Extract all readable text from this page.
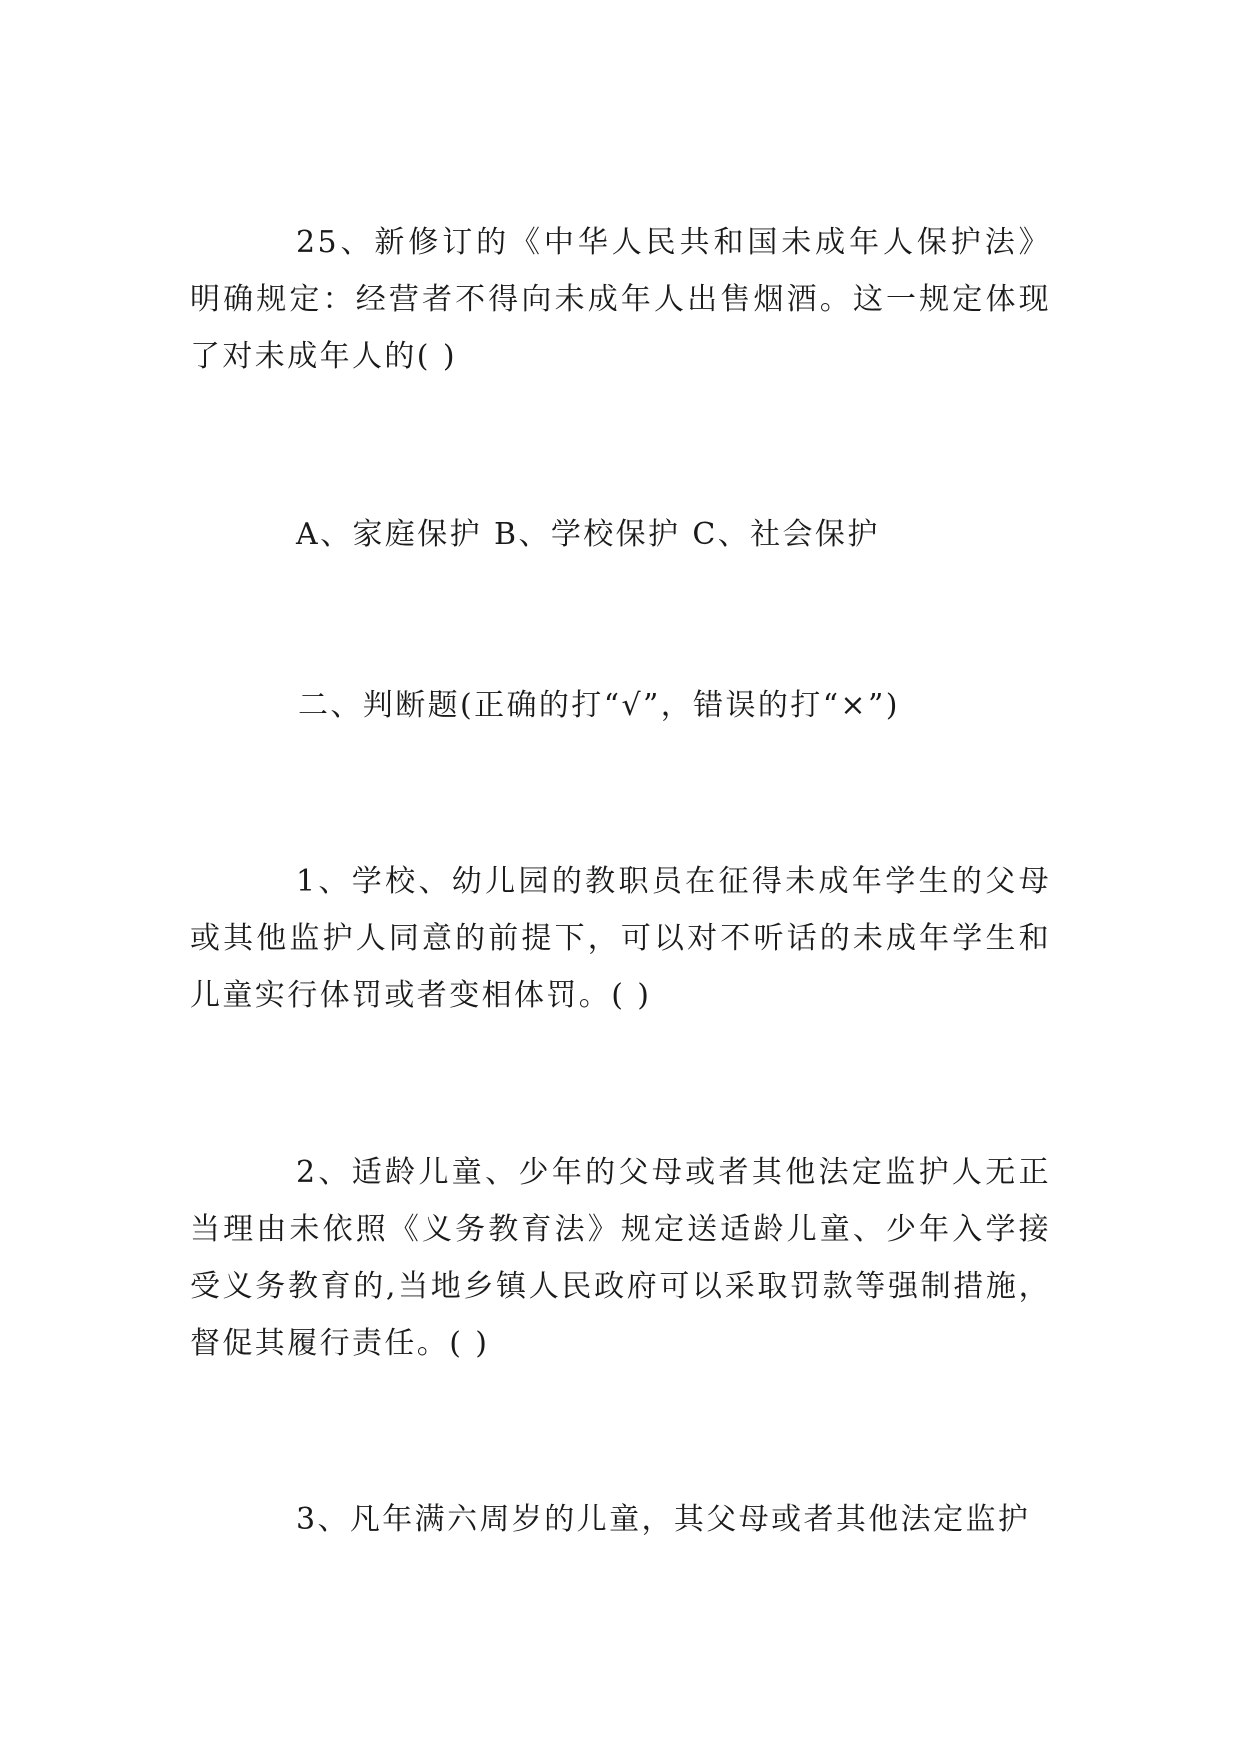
25、新修订的《中华人民共和国未成年人保护法》明确规定：经营者不得向未成年人出售烟酒。这一规定体现了对未成年人的( )

A、家庭保护 B、学校保护 C、社会保护

二、判断题(正确的打“√”，错误的打“×”)

1、学校、幼儿园的教职员在征得未成年学生的父母或其他监护人同意的前提下，可以对不听话的未成年学生和儿童实行体罚或者变相体罚。( )

2、适龄儿童、少年的父母或者其他法定监护人无正当理由未依照《义务教育法》规定送适龄儿童、少年入学接受义务教育的,当地乡镇人民政府可以采取罚款等强制措施，督促其履行责任。( )

3、凡年满六周岁的儿童，其父母或者其他法定监护
